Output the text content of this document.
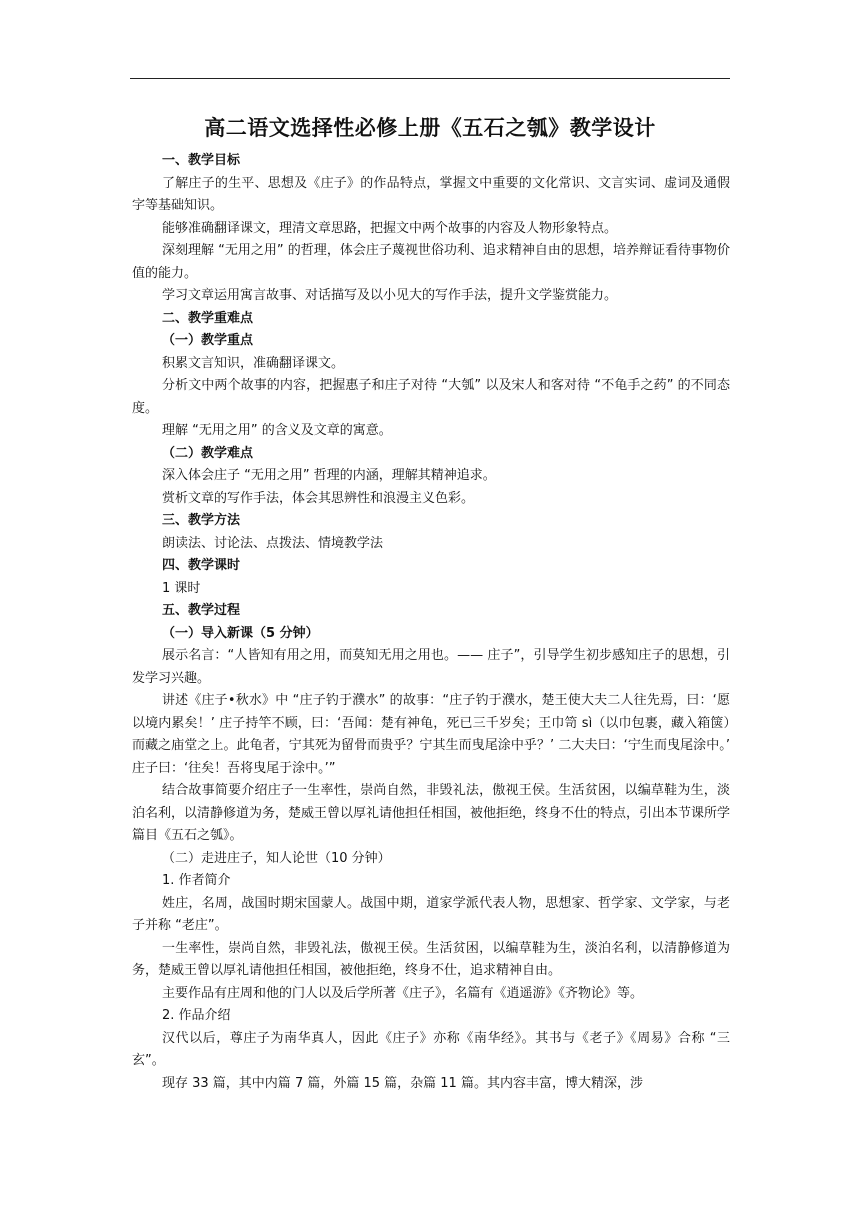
高二语文选择性必修上册《五石之瓠》教学设计

一、教学目标

了解庄子的生平、思想及《庄子》的作品特点，掌握文中重要的文化常识、文言实词、虚词及通假字等基础知识。

能够准确翻译课文，理清文章思路，把握文中两个故事的内容及人物形象特点。

深刻理解 “无用之用” 的哲理，体会庄子蔑视世俗功利、追求精神自由的思想，培养辩证看待事物价值的能力。

学习文章运用寓言故事、对话描写及以小见大的写作手法，提升文学鉴赏能力。

二、教学重难点

（一）教学重点

积累文言知识，准确翻译课文。

分析文中两个故事的内容，把握惠子和庄子对待 “大瓠” 以及宋人和客对待 “不龟手之药” 的不同态度。

理解 “无用之用” 的含义及文章的寓意。

（二）教学难点

深入体会庄子 “无用之用” 哲理的内涵，理解其精神追求。

赏析文章的写作手法，体会其思辨性和浪漫主义色彩。

三、教学方法

朗读法、讨论法、点拨法、情境教学法

四、教学课时

1 课时

五、教学过程

（一）导入新课（5 分钟）

展示名言：“人皆知有用之用，而莫知无用之用也。—— 庄子”，引导学生初步感知庄子的思想，引发学习兴趣。

讲述《庄子•秋水》中 “庄子钓于濮水” 的故事：“庄子钓于濮水，楚王使大夫二人往先焉，曰：‘愿以境内累矣！’ 庄子持竿不顾，曰：‘吾闻：楚有神龟，死已三千岁矣；王巾笥 sì（以巾包裹，藏入箱箧）而藏之庙堂之上。此龟者，宁其死为留骨而贵乎？宁其生而曳尾涂中乎？’ 二大夫曰：‘宁生而曳尾涂中。’ 庄子曰：‘往矣！吾将曳尾于涂中。’”

结合故事简要介绍庄子一生率性，崇尚自然，非毁礼法，傲视王侯。生活贫困，以编草鞋为生，淡泊名利，以清静修道为务，楚威王曾以厚礼请他担任相国，被他拒绝，终身不仕的特点，引出本节课所学篇目《五石之瓠》。

（二）走进庄子，知人论世（10 分钟）

1. 作者简介

姓庄，名周，战国时期宋国蒙人。战国中期，道家学派代表人物，思想家、哲学家、文学家，与老子并称 “老庄”。

一生率性，崇尚自然，非毁礼法，傲视王侯。生活贫困，以编草鞋为生，淡泊名利，以清静修道为务，楚威王曾以厚礼请他担任相国，被他拒绝，终身不仕，追求精神自由。

主要作品有庄周和他的门人以及后学所著《庄子》，名篇有《逍遥游》《齐物论》等。

2. 作品介绍

汉代以后，尊庄子为南华真人，因此《庄子》亦称《南华经》。其书与《老子》《周易》合称 “三玄”。

现存 33 篇，其中内篇 7 篇，外篇 15 篇，杂篇 11 篇。其内容丰富，博大精深，涉
